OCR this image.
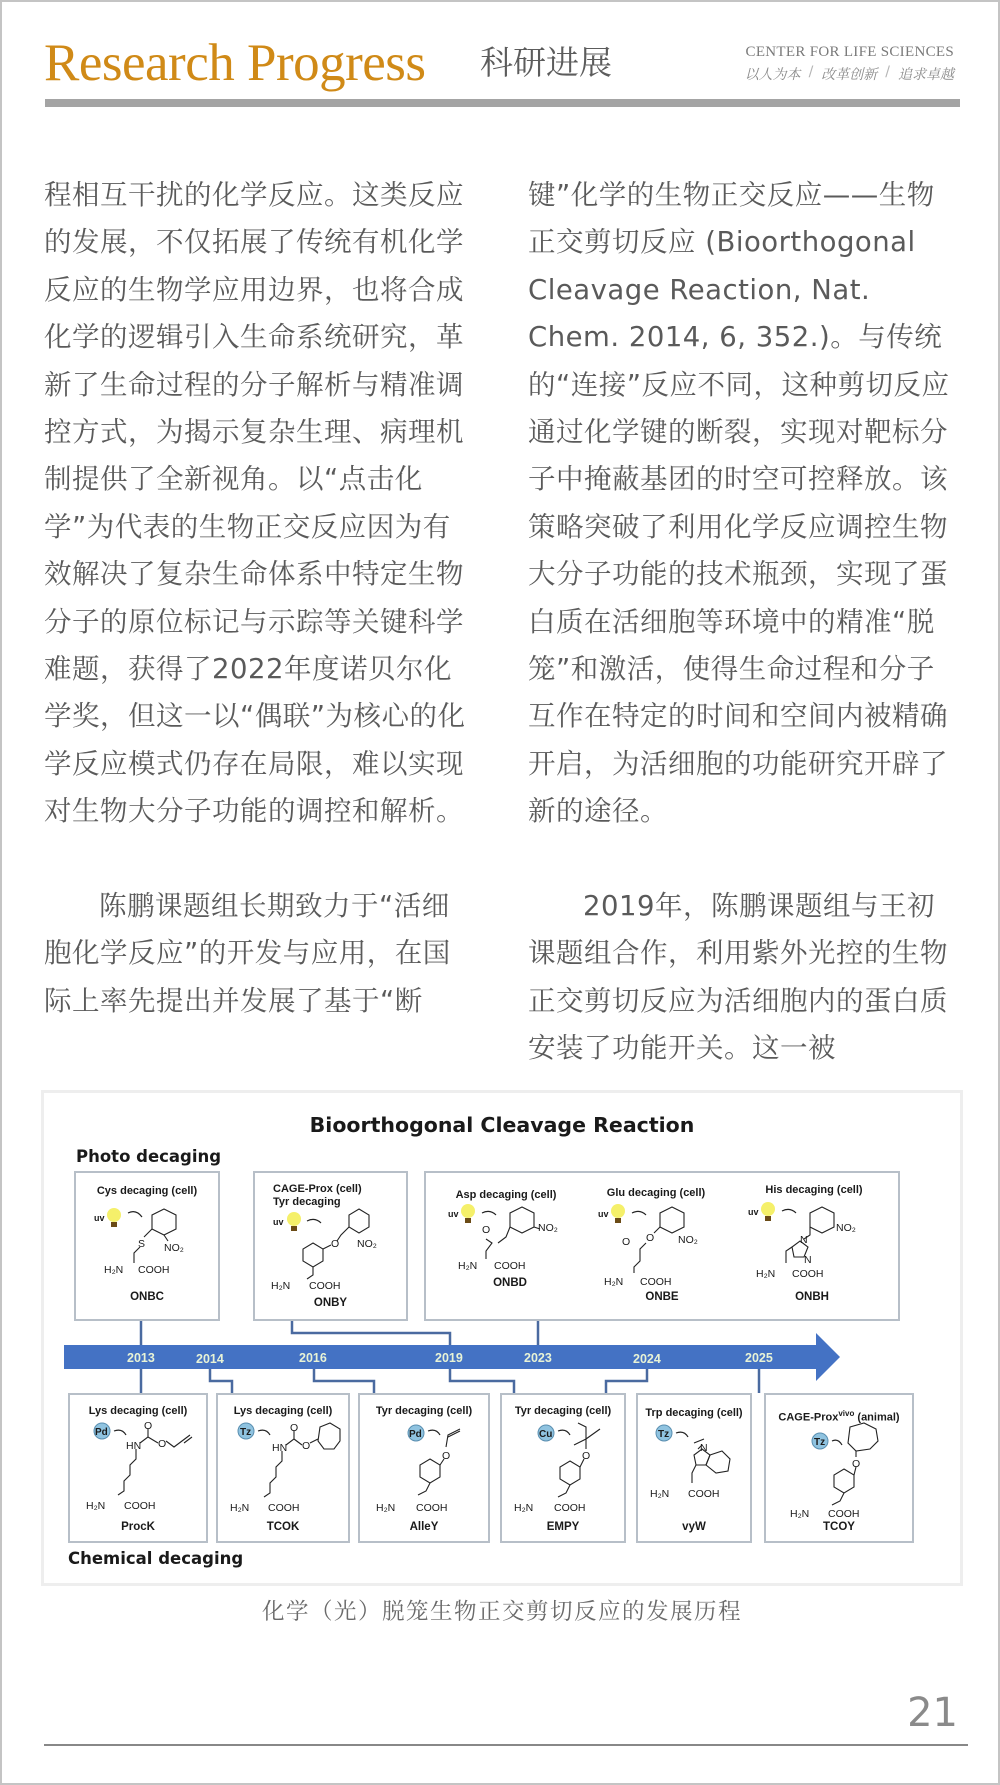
Research Progress 科研进展	CENTER FOR LIFE SCIENCES
以人为本 / 改革创新 / 追求卓越

程相互干扰的化学反应。这类反应的发展，不仅拓展了传统有机化学反应的生物学应用边界，也将合成化学的逻辑引入生命系统研究，革新了生命过程的分子解析与精准调控方式，为揭示复杂生理、病理机制提供了全新视角。以“点击化学”为代表的生物正交反应因为有效解决了复杂生命体系中特定生物分子的原位标记与示踪等关键科学难题，获得了2022年度诺贝尔化学奖，但这一以“偶联”为核心的化学反应模式仍存在局限，难以实现对生物大分子功能的调控和解析。

陈鹏课题组长期致力于“活细胞化学反应”的开发与应用，在国际上率先提出并发展了基于“断

键”化学的生物正交反应——生物正交剪切反应 (Bioorthogonal Cleavage Reaction, Nat. Chem. 2014, 6, 352.)。与传统的“连接”反应不同，这种剪切反应通过化学键的断裂，实现对靶标分子中掩蔽基团的时空可控释放。该策略突破了利用化学反应调控生物大分子功能的技术瓶颈，实现了蛋白质在活细胞等环境中的精准“脱笼”和激活，使得生命过程和分子互作在特定的时间和空间内被精确开启，为活细胞的功能研究开辟了新的途径。

2019年，陈鹏课题组与王初课题组合作，利用紫外光控的生物正交剪切反应为活细胞内的蛋白质安装了功能开关。这一被

Bioorthogonal Cleavage Reaction
Photo decaging
Chemical decaging
2013	2014	2016	2019	2023	2024	2025
Cys decaging (cell)
uv
S NO₂
H₂N COOH
ONBC
CAGE-Prox (cell)
Tyr decaging
uv
O NO₂
H₂N COOH
ONBY
Asp decaging (cell)	Glu decaging (cell)	His decaging (cell)
uv
O	NO₂
H₂N COOH
ONBD
uv
O O NO₂
H₂N COOH
ONBE
uv
N
N
NO₂
H₂N COOH
ONBH
Lys decaging (cell)
Pd
O
HN O
H₂N COOH
ProcK
Lys decaging (cell)
Tz	O
HN O
H₂N COOH
TCOK
Tyr decaging (cell)
Pd
O
H₂N COOH
AlleY
Tyr decaging (cell)
Cu
O
H₂N COOH
EMPY
Trp decaging (cell)
Tz
N
H₂N COOH
vyW
CAGE-Prox$^{vivo}$ (animal)
Tz
O
H₂N COOH
TCOY
化学（光）脱笼生物正交剪切反应的发展历程
21
